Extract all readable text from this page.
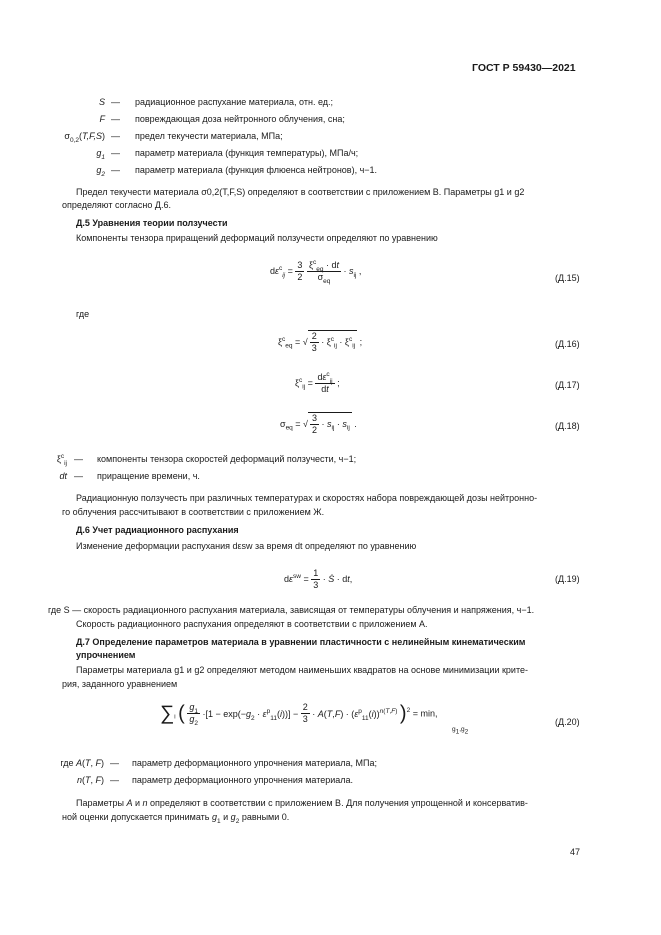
ГОСТ Р 59430—2021
S — радиационное распухание материала, отн. ед.;
F — повреждающая доза нейтронного облучения, сна;
$\sigma_{0,2}(T,F,S)$ — предел текучести материала, МПа;
$g_1$ — параметр материала (функция температуры), МПа/ч;
$g_2$ — параметр материала (функция флюенса нейтронов), ч−1.
Предел текучести материала σ0,2(T,F,S) определяют в соответствии с приложением В. Параметры g1 и g2
определяют согласно Д.6.
Д.5 Уравнения теории ползучести
Компоненты тензора приращений деформаций ползучести определяют по уравнению
$d\varepsilon^c_{ij} = \frac{3}{2}$
$\frac{\xi^c_{eq} \cdot dt}{\sigma_{eq}} \cdot s_{ij}$ ,
(Д.15)
где
$\xi^c_{eq}$ = √ $\frac{2}{3} \cdot \xi^c_{ij} \cdot \xi^c_{ij}$ ;	(Д.16)
$\xi^c_{ij} = \frac{d\varepsilon^c_{ij}}{dt}$ ;	(Д.17)
$\sigma_{eq}$ = √ $\frac{3}{2} \cdot s_{ij} \cdot s_{ij}$ .	(Д.18)
$\xi^c_{ij}$ — компоненты тензора скоростей деформаций ползучести, ч−1;
dt — приращение времени, ч.
Радиационную ползучесть при различных температурах и скоростях набора повреждающей дозы нейтронно-
го облучения рассчитывают в соответствии с приложением Ж.
Д.6 Учет радиационного распухания
Изменение деформации распухания dεsw за время dt определяют по уравнению
$d\varepsilon^{sw} = \frac{1}{3}$ · Ṡ · dt,	(Д.19)
где S — скорость радиационного распухания материала, зависящая от температуры облучения и напряжения, ч−1.
Скорость радиационного распухания определяют в соответствии с приложением А.
Д.7 Определение параметров материала в уравнении пластичности с нелинейным кинематическим
упрочнением
Параметры материала g1 и g2 определяют методом наименьших квадратов на основе минимизации крите-
рия, заданного уравнением
$\sum_i$ ( $\frac{g_1}{g_2} \cdot[1 - \exp(-g_2 \cdot \varepsilon^p_{11}(i))] - \frac{2}{3} \cdot A(T,F) \cdot (\varepsilon^p_{11}(i))^{n(T,F)}$ )$^2$ = min,
$g_1,g_2$
(Д.20)
где A(T, F) — параметр деформационного упрочнения материала, МПа;
n(T, F) — параметр деформационного упрочнения материала.
Параметры A и n определяют в соответствии с приложением В. Для получения упрощенной и консерватив-
ной оценки допускается принимать $g_1$ и $g_2$ равными 0.
47
